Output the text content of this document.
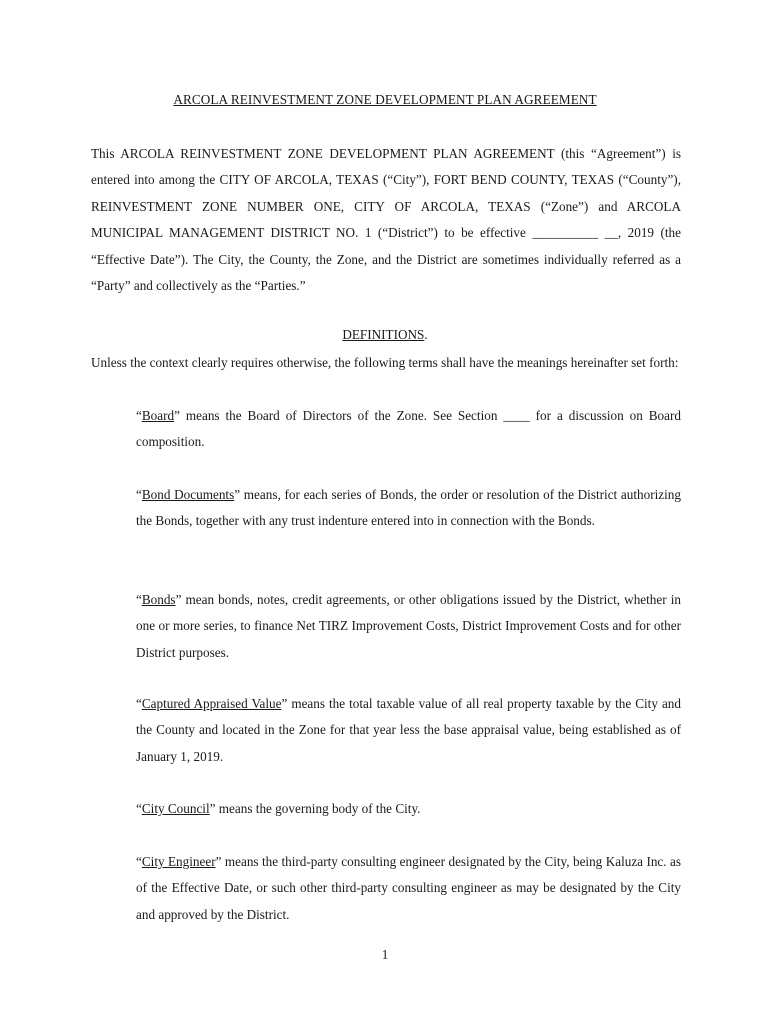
ARCOLA REINVESTMENT ZONE DEVELOPMENT PLAN AGREEMENT

This ARCOLA REINVESTMENT ZONE DEVELOPMENT PLAN AGREEMENT (this “Agreement”) is entered into among the CITY OF ARCOLA, TEXAS (“City”), FORT BEND COUNTY, TEXAS (“County”), REINVESTMENT ZONE NUMBER ONE, CITY OF ARCOLA, TEXAS (“Zone”) and ARCOLA MUNICIPAL MANAGEMENT DISTRICT NO. 1 (“District”) to be effective __________ __, 2019 (the “Effective Date”). The City, the County, the Zone, and the District are sometimes individually referred as a “Party” and collectively as the “Parties.”

DEFINITIONS.

Unless the context clearly requires otherwise, the following terms shall have the meanings hereinafter set forth:

“Board” means the Board of Directors of the Zone. See Section ____ for a discussion on Board composition.

“Bond Documents” means, for each series of Bonds, the order or resolution of the District authorizing the Bonds, together with any trust indenture entered into in connection with the Bonds.

“Bonds” mean bonds, notes, credit agreements, or other obligations issued by the District, whether in one or more series, to finance Net TIRZ Improvement Costs, District Improvement Costs and for other District purposes.

“Captured Appraised Value” means the total taxable value of all real property taxable by the City and the County and located in the Zone for that year less the base appraisal value, being established as of January 1, 2019.

“City Council” means the governing body of the City.

“City Engineer” means the third-party consulting engineer designated by the City, being Kaluza Inc. as of the Effective Date, or such other third-party consulting engineer as may be designated by the City and approved by the District.

1
